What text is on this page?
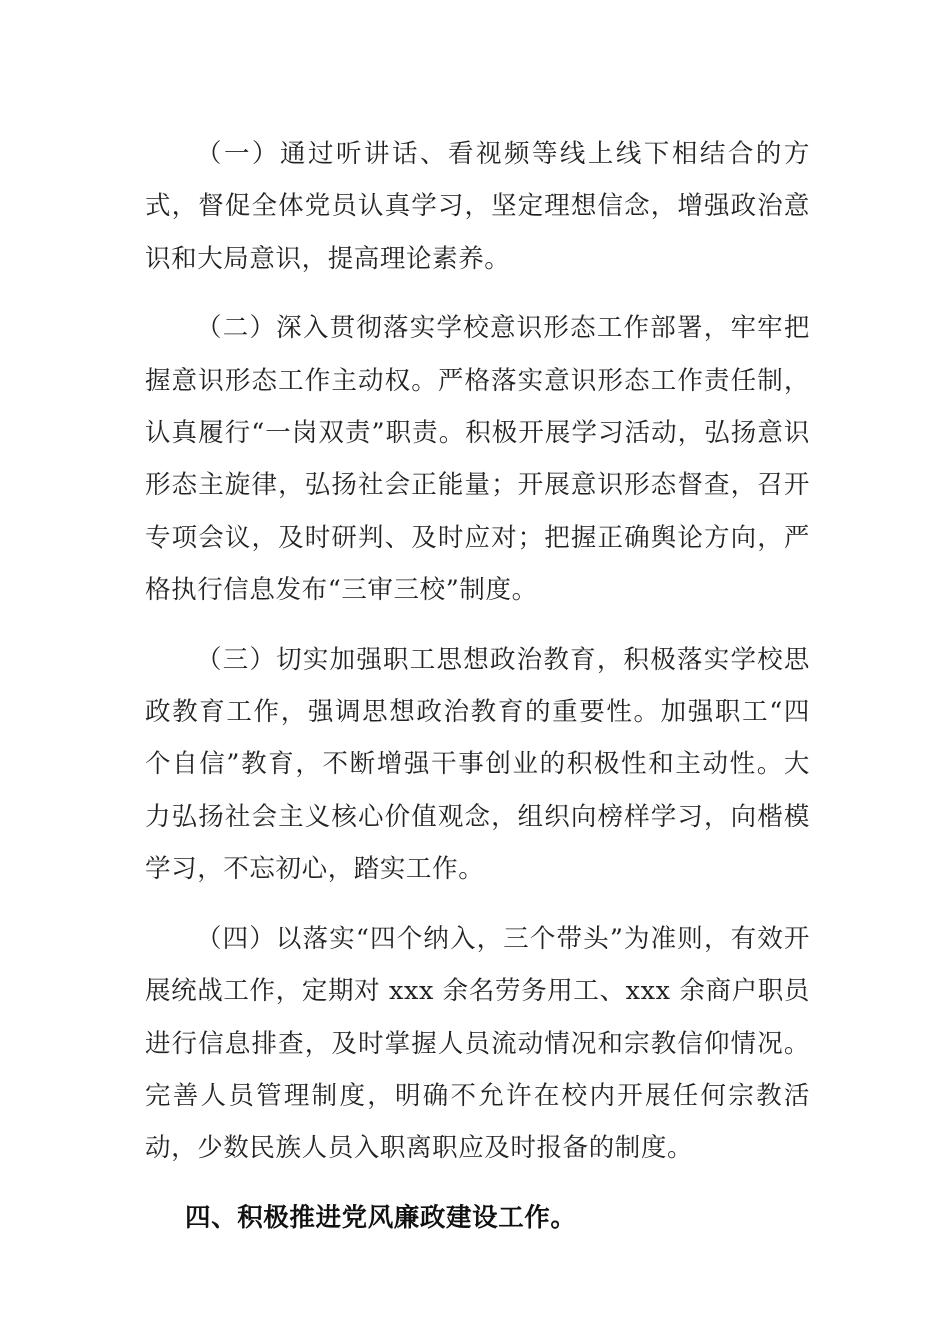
（一）通过听讲话、看视频等线上线下相结合的方式，督促全体党员认真学习，坚定理想信念，增强政治意识和大局意识，提高理论素养。

（二）深入贯彻落实学校意识形态工作部署，牢牢把握意识形态工作主动权。严格落实意识形态工作责任制，认真履行“一岗双责”职责。积极开展学习活动，弘扬意识形态主旋律，弘扬社会正能量；开展意识形态督查，召开专项会议，及时研判、及时应对；把握正确舆论方向，严格执行信息发布“三审三校”制度。

（三）切实加强职工思想政治教育，积极落实学校思政教育工作，强调思想政治教育的重要性。加强职工“四个自信”教育，不断增强干事创业的积极性和主动性。大力弘扬社会主义核心价值观念，组织向榜样学习，向楷模学习，不忘初心，踏实工作。

（四）以落实“四个纳入，三个带头”为准则，有效开展统战工作，定期对 xxx 余名劳务用工、xxx 余商户职员进行信息排查，及时掌握人员流动情况和宗教信仰情况。完善人员管理制度，明确不允许在校内开展任何宗教活动，少数民族人员入职离职应及时报备的制度。

四、积极推进党风廉政建设工作。
